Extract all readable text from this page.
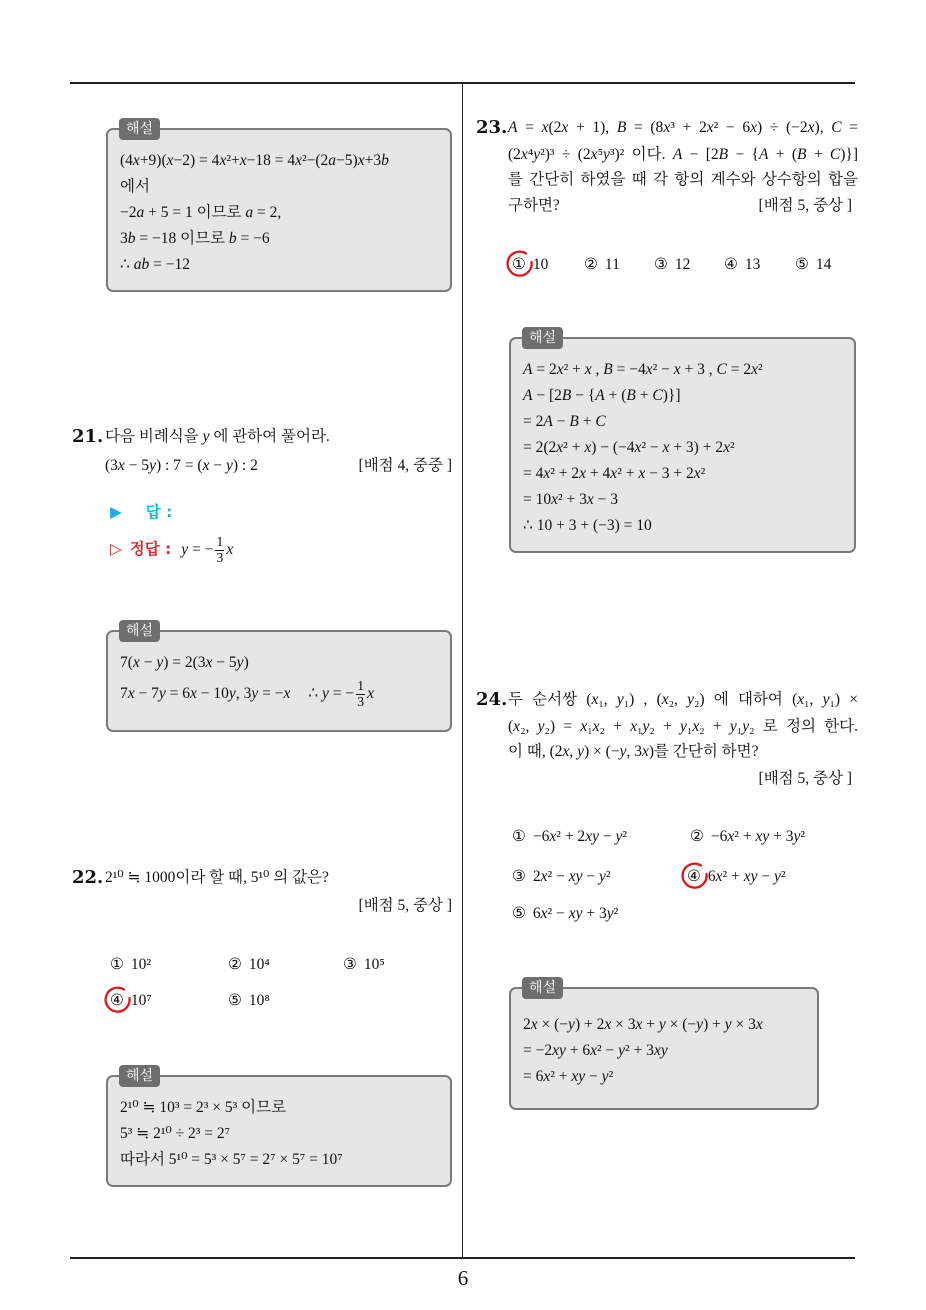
6
해설
(4x+9)(x−2) = 4x²+x−18 = 4x²−(2a−5)x+3b
에서
−2a + 5 = 1 이므로 a = 2,
3b = −18 이므로 b = −6
∴ ab = −12
21. 다음 비례식을 y 에 관하여 풀어라.
(3x − 5y) : 7 = (x − y) : 2	[배점 4, 중중 ]
▶ 답 :
▷ 정답 : y = − $\frac{1}{3}$ x
해설
7(x − y) = 2(3x − 5y)
7x − 7y = 6x − 10y, 3y = −x ∴ y = − $\frac{1}{3}$ x
22. 2¹⁰ ≒ 1000이라 할 때, 5¹⁰ 의 값은?
[배점 5, 중상 ]
① 10²	② 10⁴	③ 10⁵
④ 10⁷	⑤ 10⁸
해설
2¹⁰ ≒ 10³ = 2³ × 5³ 이므로
5³ ≒ 2¹⁰ ÷ 2³ = 2⁷
따라서 5¹⁰ = 5³ × 5⁷ = 2⁷ × 5⁷ = 10⁷
23. A = x(2x + 1), B = (8x³ + 2x² − 6x) ÷ (−2x), C =
(2x⁴y²)³ ÷ (2x⁵y³)² 이다. A − [2B − {A + (B + C)}]
를 간단히 하였을 때 각 항의 계수와 상수항의 합을
구하면?	[배점 5, 중상 ]
① 10 ② 11 ③ 12 ④ 13 ⑤ 14
해설
A = 2x² + x , B = −4x² − x + 3 , C = 2x²
A − [2B − {A + (B + C)}]
= 2A − B + C
= 2(2x² + x) − (−4x² − x + 3) + 2x²
= 4x² + 2x + 4x² + x − 3 + 2x²
= 10x² + 3x − 3
∴ 10 + 3 + (−3) = 10
24. 두 순서쌍 (x₁, y₁) , (x₂, y₂) 에 대하여 (x₁, y₁) ×
(x₂, y₂) = x₁x₂ + x₁y₂ + y₁x₂ + y₁y₂ 로 정의 한다.
이 때, (2x, y) × (−y, 3x)를 간단히 하면?
[배점 5, 중상 ]
① −6x² + 2xy − y²	② −6x² + xy + 3y²
③ 2x² − xy − y²	④ 6x² + xy − y²
⑤ 6x² − xy + 3y²
해설
2x × (−y) + 2x × 3x + y × (−y) + y × 3x
= −2xy + 6x² − y² + 3xy
= 6x² + xy − y²
